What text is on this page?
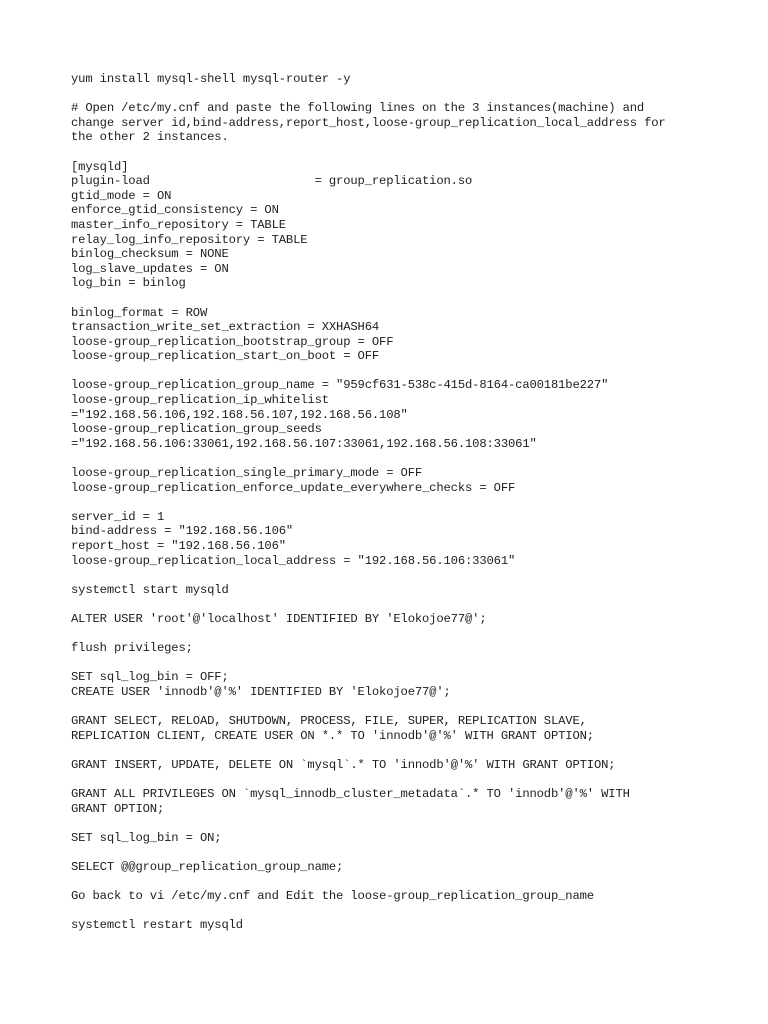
yum install mysql-shell mysql-router -y
# Open /etc/my.cnf and paste the following lines on the 3 instances(machine) and
change server id,bind-address,report_host,loose-group_replication_local_address for
the other 2 instances.
[mysqld]
plugin-load                       = group_replication.so
gtid_mode = ON
enforce_gtid_consistency = ON
master_info_repository = TABLE
relay_log_info_repository = TABLE
binlog_checksum = NONE
log_slave_updates = ON
log_bin = binlog
binlog_format = ROW
transaction_write_set_extraction = XXHASH64
loose-group_replication_bootstrap_group = OFF
loose-group_replication_start_on_boot = OFF
loose-group_replication_group_name = "959cf631-538c-415d-8164-ca00181be227"
loose-group_replication_ip_whitelist
="192.168.56.106,192.168.56.107,192.168.56.108"
loose-group_replication_group_seeds
="192.168.56.106:33061,192.168.56.107:33061,192.168.56.108:33061"
loose-group_replication_single_primary_mode = OFF
loose-group_replication_enforce_update_everywhere_checks = OFF
server_id = 1
bind-address = "192.168.56.106"
report_host = "192.168.56.106"
loose-group_replication_local_address = "192.168.56.106:33061"
systemctl start mysqld
ALTER USER 'root'@'localhost' IDENTIFIED BY 'Elokojoe77@';
flush privileges;
SET sql_log_bin = OFF;
CREATE USER 'innodb'@'%' IDENTIFIED BY 'Elokojoe77@';
GRANT SELECT, RELOAD, SHUTDOWN, PROCESS, FILE, SUPER, REPLICATION SLAVE,
REPLICATION CLIENT, CREATE USER ON *.* TO 'innodb'@'%' WITH GRANT OPTION;
GRANT INSERT, UPDATE, DELETE ON `mysql`.* TO 'innodb'@'%' WITH GRANT OPTION;
GRANT ALL PRIVILEGES ON `mysql_innodb_cluster_metadata`.* TO 'innodb'@'%' WITH
GRANT OPTION;
SET sql_log_bin = ON;
SELECT @@group_replication_group_name;
Go back to vi /etc/my.cnf and Edit the loose-group_replication_group_name
systemctl restart mysqld
